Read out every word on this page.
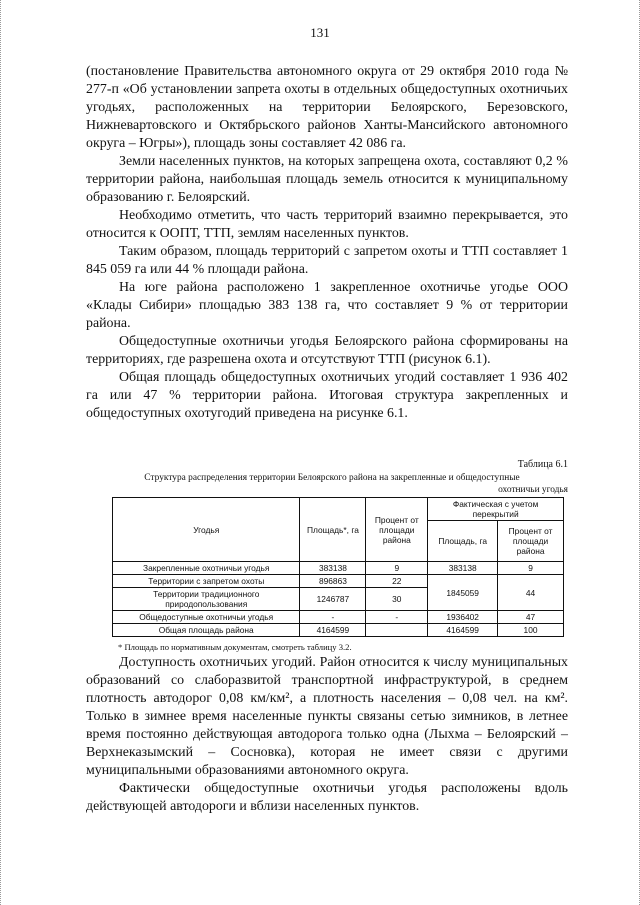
131

(постановление Правительства автономного округа от 29 октября 2010 года № 277-п «Об установлении запрета охоты в отдельных общедоступных охотничьих угодьях, расположенных на территории Белоярского, Березовского, Нижневартовского и Октябрьского районов Ханты-Мансийского автономного округа – Югры»), площадь зоны составляет 42 086 га.

Земли населенных пунктов, на которых запрещена охота, составляют 0,2 % территории района, наибольшая площадь земель относится к муниципальному образованию г. Белоярский.

Необходимо отметить, что часть территорий взаимно перекрывается, это относится к ООПТ, ТТП, землям населенных пунктов.

Таким образом, площадь территорий с запретом охоты и ТТП составляет 1 845 059 га или 44 % площади района.

На юге района расположено 1 закрепленное охотничье угодье ООО «Клады Сибири» площадью 383 138 га, что составляет 9 % от территории района.

Общедоступные охотничьи угодья Белоярского района сформированы на территориях, где разрешена охота и отсутствуют ТТП (рисунок 6.1).

Общая площадь общедоступных охотничьих угодий составляет 1 936 402 га или 47 % территории района. Итоговая структура закрепленных и общедоступных охотугодий приведена на рисунке 6.1.

Таблица 6.1
Структура распределения территории Белоярского района на закрепленные и общедоступные
охотничьи угодья
Угодья	Площадь*, га	Процент от площади района	Фактическая с учетом перекрытий	
			Площадь, га	Процент от площади района
Закрепленные охотничьи угодья	383138	9	383138	9
Территории с запретом охоты	896863	22	1845059	44
Территории традиционного природопользования	1246787	30		
Общедоступные охотничьи угодья	-	-	1936402	47
Общая площадь района	4164599		4164599	100
* Площадь по нормативным документам, смотреть таблицу 3.2.

Доступность охотничьих угодий. Район относится к числу муниципальных образований со слаборазвитой транспортной инфраструктурой, в среднем плотность автодорог 0,08 км/км², а плотность населения – 0,08 чел. на км². Только в зимнее время населенные пункты связаны сетью зимников, в летнее время постоянно действующая автодорога только одна (Лыхма – Белоярский – Верхнеказымский – Сосновка), которая не имеет связи с другими муниципальными образованиями автономного округа.

Фактически общедоступные охотничьи угодья расположены вдоль действующей автодороги и вблизи населенных пунктов.
